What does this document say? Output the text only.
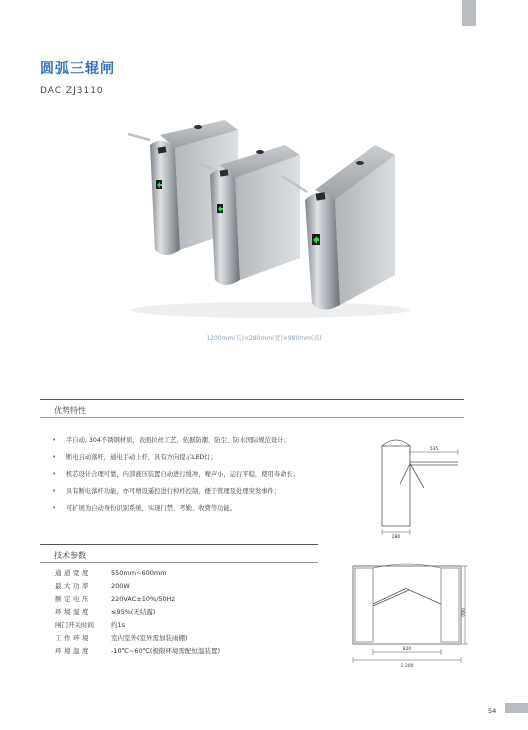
圆弧三辊闸
DAC ZJ3110
1200mm(长)×280mm(宽)×980mm(高)
优势特性
• 半自动, 304不锈钢材质，表面拉丝工艺，依据防潮、防尘、防水国际规范设计；
• 断电自动落杆，通电手动上杆，具有方向提示LED灯；
• 机芯设计合理可靠，内部液压装置自动进行缓冲，噪声小，运行平稳，使用寿命长；
• 具有断电落杆功能，亦可增设遥控进行掉杆控制，便于管理及处理突发事件；
• 可扩展为自动身份识别系统，实现门禁、考勤、收费等功能。
535
280
技术参数
通道宽度	550mm~600mm
最大功率	200W
额定电压	220VAC±10%/50Hz
环境湿度	≤95%(无结露)
闸门开关时间	约1s
工作环境	室内室外(室外需加装雨棚)
环境温度	-10℃~60℃(极限环境需配恒温装置)
980
820
1 200
54
